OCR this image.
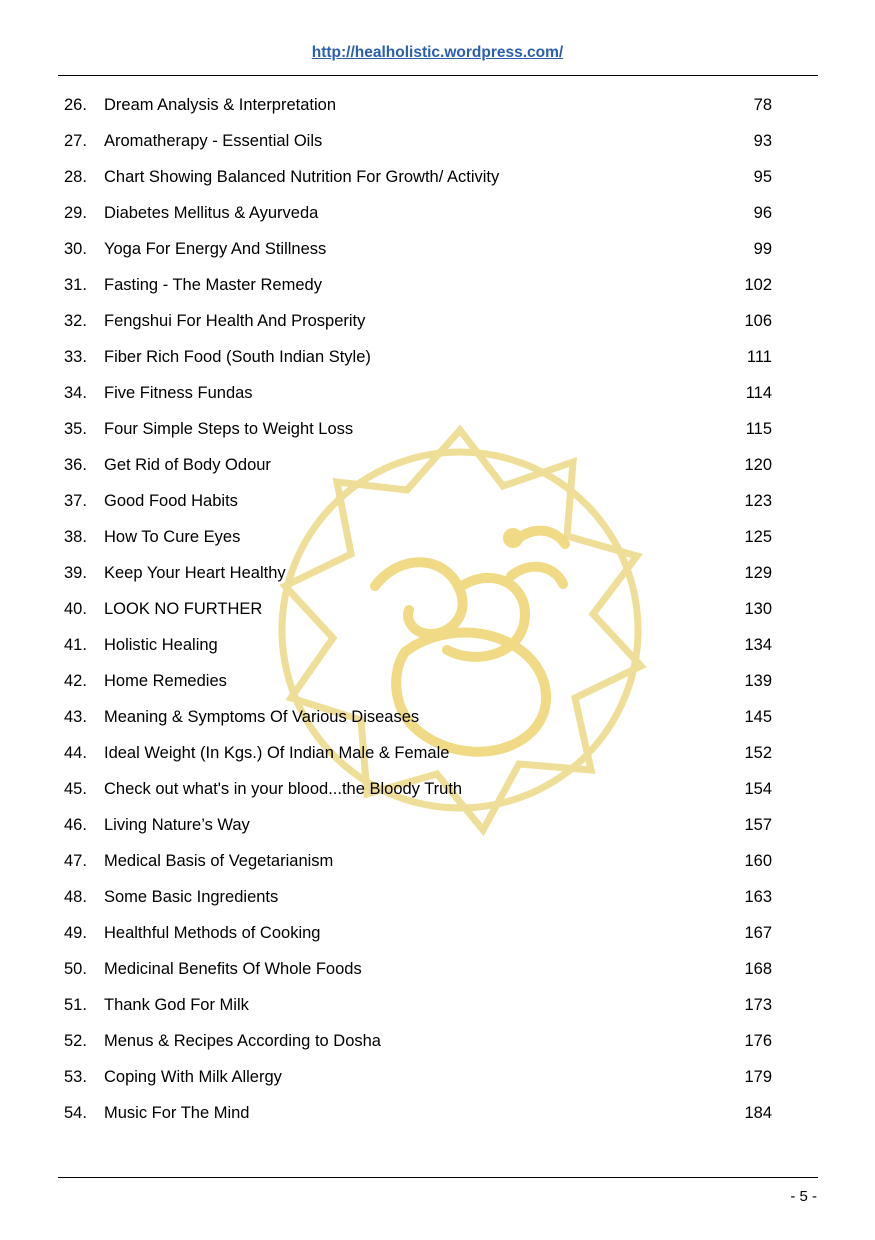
http://healholistic.wordpress.com/
26.	Dream Analysis & Interpretation	78
27.	Aromatherapy - Essential Oils	93
28.	Chart Showing Balanced Nutrition For Growth/ Activity	95
29.	Diabetes Mellitus & Ayurveda	96
30.	Yoga For Energy And Stillness	99
31.	Fasting - The Master Remedy	102
32.	Fengshui For Health And Prosperity	106
33.	Fiber Rich Food (South Indian Style)	111
34.	Five Fitness Fundas	114
35.	Four Simple Steps to Weight Loss	115
36.	Get Rid of Body Odour	120
37.	Good Food Habits	123
38.	How To Cure Eyes	125
39.	Keep Your Heart Healthy	129
40.	LOOK NO FURTHER	130
41.	Holistic Healing	134
42.	Home Remedies	139
43.	Meaning & Symptoms Of Various Diseases	145
44.	Ideal Weight (In Kgs.) Of Indian Male & Female	152
45.	Check out what's in your blood...the Bloody Truth	154
46.	Living Nature’s Way	157
47.	Medical Basis of Vegetarianism	160
48.	Some Basic Ingredients	163
49.	Healthful Methods of Cooking	167
50.	Medicinal Benefits Of Whole Foods	168
51.	Thank God For Milk	173
52.	Menus & Recipes According to Dosha	176
53.	Coping With Milk Allergy	179
54.	Music For The Mind	184
- 5 -
